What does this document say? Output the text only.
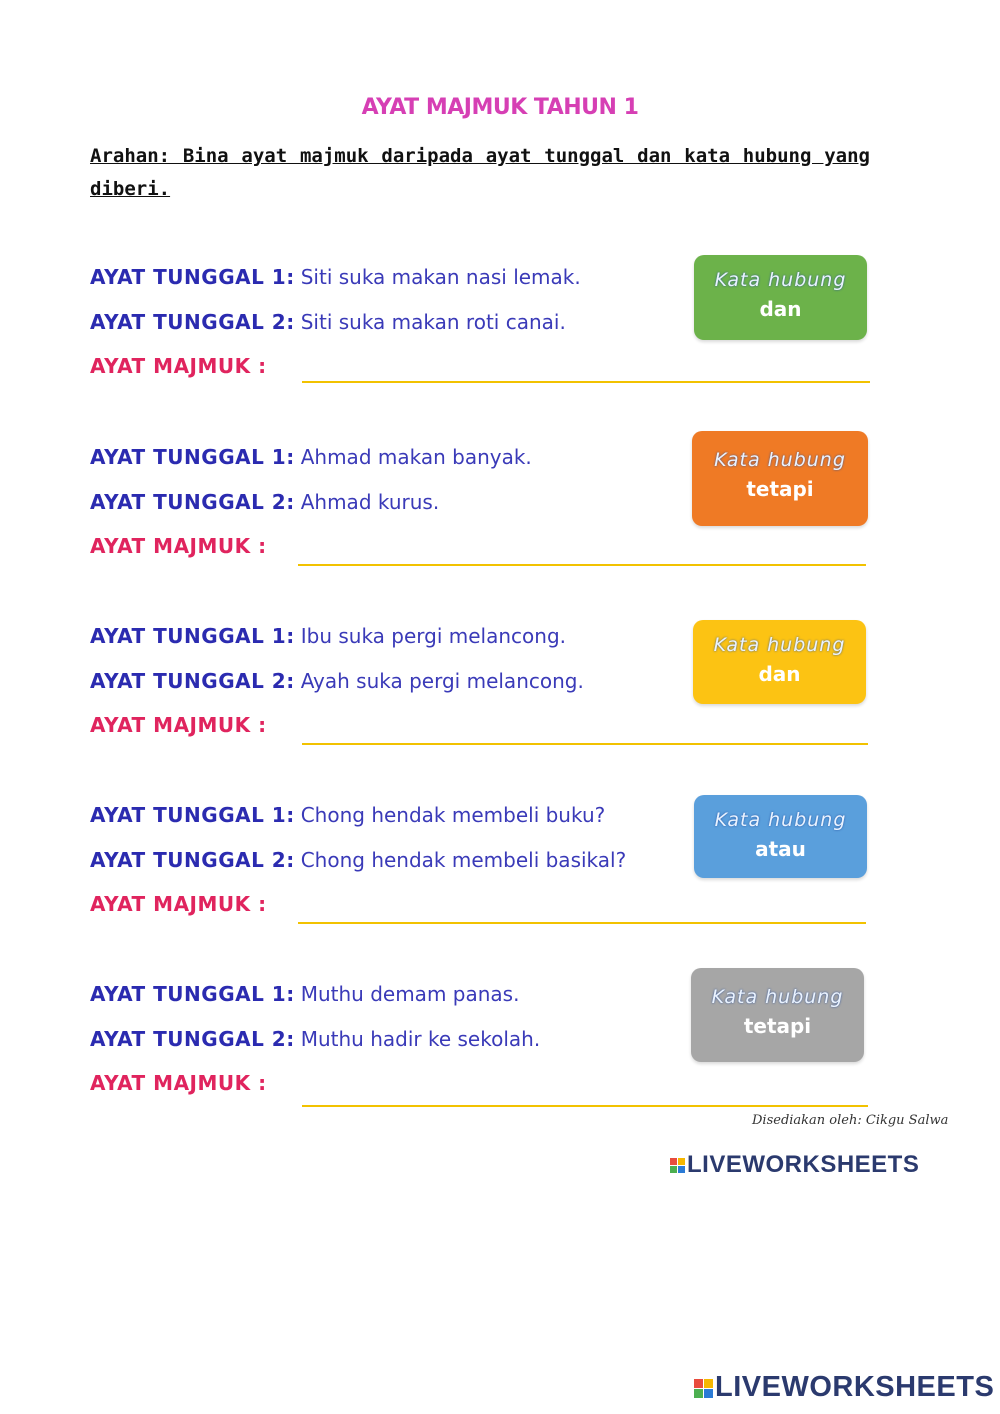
AYAT MAJMUK TAHUN 1
Arahan: Bina ayat majmuk daripada ayat tunggal dan kata hubung yang diberi.
AYAT TUNGGAL 1: Siti suka makan nasi lemak.
AYAT TUNGGAL 2: Siti suka makan roti canai.
AYAT MAJMUK :
Kata hubung
dan
AYAT TUNGGAL 1: Ahmad makan banyak.
AYAT TUNGGAL 2: Ahmad kurus.
AYAT MAJMUK :
Kata hubung
tetapi
AYAT TUNGGAL 1: Ibu suka pergi melancong.
AYAT TUNGGAL 2: Ayah suka pergi melancong.
AYAT MAJMUK :
Kata hubung
dan
AYAT TUNGGAL 1: Chong hendak membeli buku?
AYAT TUNGGAL 2: Chong hendak membeli basikal?
AYAT MAJMUK :
Kata hubung
atau
AYAT TUNGGAL 1: Muthu demam panas.
AYAT TUNGGAL 2: Muthu hadir ke sekolah.
AYAT MAJMUK :
Kata hubung
tetapi
Disediakan oleh: Cikgu Salwa
LIVEWORKSHEETS
LIVEWORKSHEETS
